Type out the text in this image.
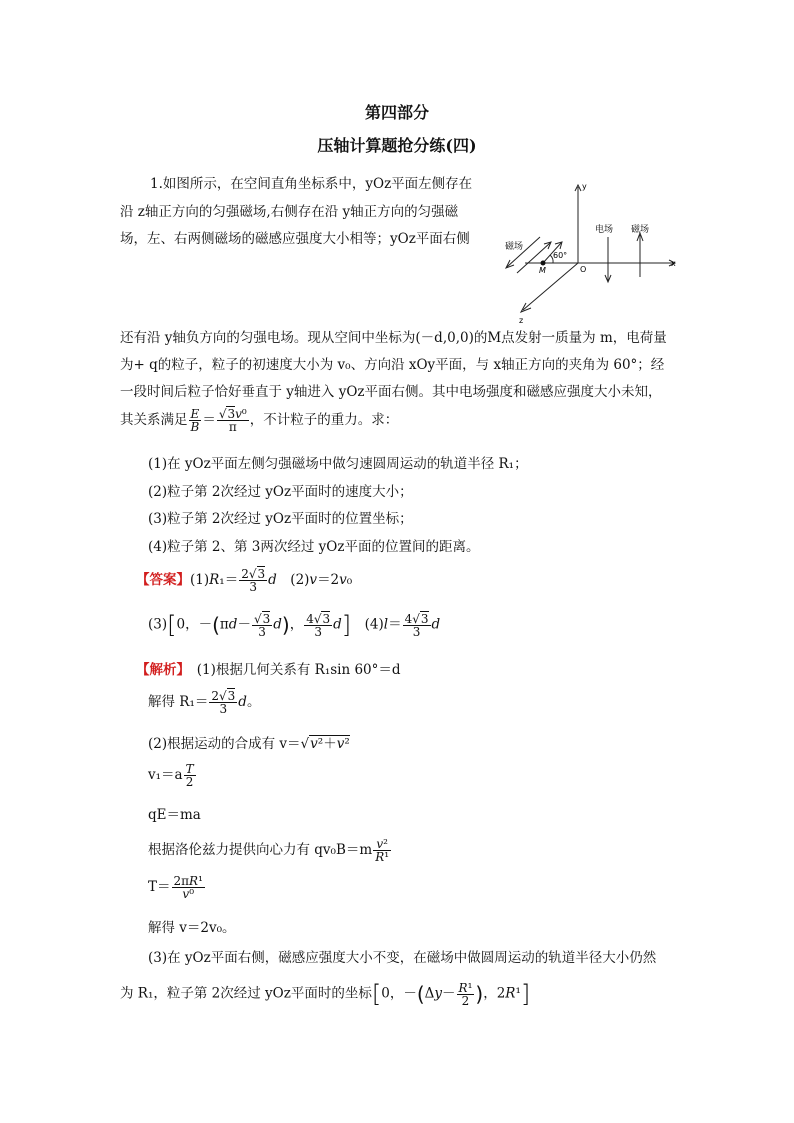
第四部分
压轴计算题抢分练(四)
1.如图所示，在空间直角坐标系中，yOz平面左侧存在
沿 z轴正方向的匀强磁场,右侧存在沿 y轴正方向的匀强磁
场，左、右两侧磁场的磁感应强度大小相等；yOz平面右侧
y
x
z
O
M
60°
磁场
电场 磁场
还有沿 y轴负方向的匀强电场。现从空间中坐标为(－d,0,0)的M点发射一质量为 m，电荷量
为+ q的粒子，粒子的初速度大小为 v₀、方向沿 xOy平面，与 x轴正方向的夹角为 60°；经
一段时间后粒子恰好垂直于 y轴进入 yOz平面右侧。其中电场强度和磁感应强度大小未知，
其关系满足 $\frac{E}{B} = \frac{\text{√3v⁰}}{\pi}$ ，不计粒子的重力。求：
(1)在 yOz平面左侧匀强磁场中做匀速圆周运动的轨道半径 R₁；
(2)粒子第 2次经过 yOz平面时的速度大小；
(3)粒子第 2次经过 yOz平面时的位置坐标；
(4)粒子第 2、第 3两次经过 yOz平面的位置间的距离。
【答案】$(1)R_1= \frac{2√3}{3}$ d　(2)v＝2v₀
(3)[0，$-(\pi d- \frac{√3}{3} d)$， $\frac{4√3}{3} d$]　$(4)l= \frac{4√3}{3}$ d
【解析】　 (1)根据几何关系有 R₁sin 60°＝d
解得 $R_1= \frac{2√3}{3}$ d。
(2)根据运动的合成有 v＝√v²＋v²
$v_1=a \frac{T}{2}$
qE＝ma
根据洛伦兹力提供向心力有 $qv_0B=m \frac{\text{v²}}{\text{R¹}}$
$T= \frac{\text{2πR¹}}{\text{v⁰}}$
解得 v＝2v₀。
(3)在 yOz平面右侧，磁感应强度大小不变，在磁场中做圆周运动的轨道半径大小仍然
为 R₁，粒子第 2次经过 yOz平面时的坐标[0，$-(\Delta y- \frac{\text{R¹}}{2}$ )，2R¹]
